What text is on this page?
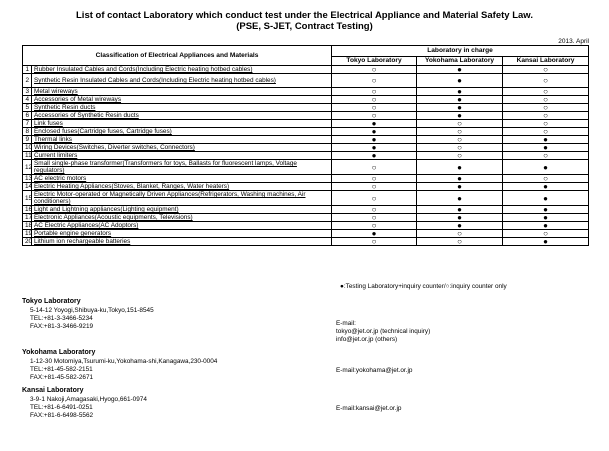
List of contact Laboratory which conduct test under the Electrical Appliance and Material Safety Law.
(PSE, S-JET, Contract Testing)
2013. April
Classification of Electrical Appliances and Materials		Laboratory in charge		
		Tokyo Laboratory	Yokohama Laboratory	Kansai Laboratory
1	Rubber Insulated Cables and Cords(Including Electric heating hotbed cables)	○	●	○
2	Synthetic Resin Insulated Cables and Cords(Including Electric heating hotbed cables)	○	●	○
3	Metal wireways	○	●	○
4	Accessories of Metal wireways	○	●	○
5	Synthetic Resin ducts	○	●	○
6	Accessories of Synthetic Resin ducts	○	●	○
7	Link fuses	●	○	○
8	Enclosed fuses(Cartridge fuses, Cartridge fuses)	●	○	○
9	Thermal links	●	○	●
10	Wiring Devices(Switches, Diverter switches, Connectors)	●	○	●
11	Current limiters	●	○	○
12	Small single-phase transformer(Transformers for toys, Ballasts for fluorescent lamps, Voltage regulators)	○	●	●
13	AC electric motors	○	●	○
14	Electric Heating Appliances(Stoves, Blanket, Ranges, Water heaters)	○	●	●
15	Electric Motor-operated or Magnetically Driven Appliances(Refrigerators, Washing machines, Air conditioners)	○	●	●
16	Light and Lightning appliances(Lighting equipment)	○	●	●
17	Electronic Appliances(Acoustic equipments, Televisions)	○	●	●
18	AC Electric Appliances(AC Adoptors)	○	●	●
19	Portable engine generators	●	○	○
20	Lithium ion rechargeable batteries	○	○	●
●:Testing Laboratory+inquiry counter/○:inquiry counter only
Tokyo Laboratory
5-14-12 Yoyogi,Shibuya-ku,Tokyo,151-8545
TEL:+81-3-3466-5234
FAX:+81-3-3466-9219	E-mail:
tokyo@jet.or.jp (technical inquiry)
info@jet.or.jp (others)
Yokohama Laboratory
1-12-30 Motomiya,Tsurumi-ku,Yokohama-shi,Kanagawa,230-0004
TEL:+81-45-582-2151
FAX:+81-45-582-2671
E-mail:yokohama@jet.or.jp
Kansai Laboratory
3-9-1 Nakoji,Amagasaki,Hyogo,661-0974
TEL:+81-6-6491-0251
FAX:+81-6-6498-5562
E-mail:kansai@jet.or.jp
